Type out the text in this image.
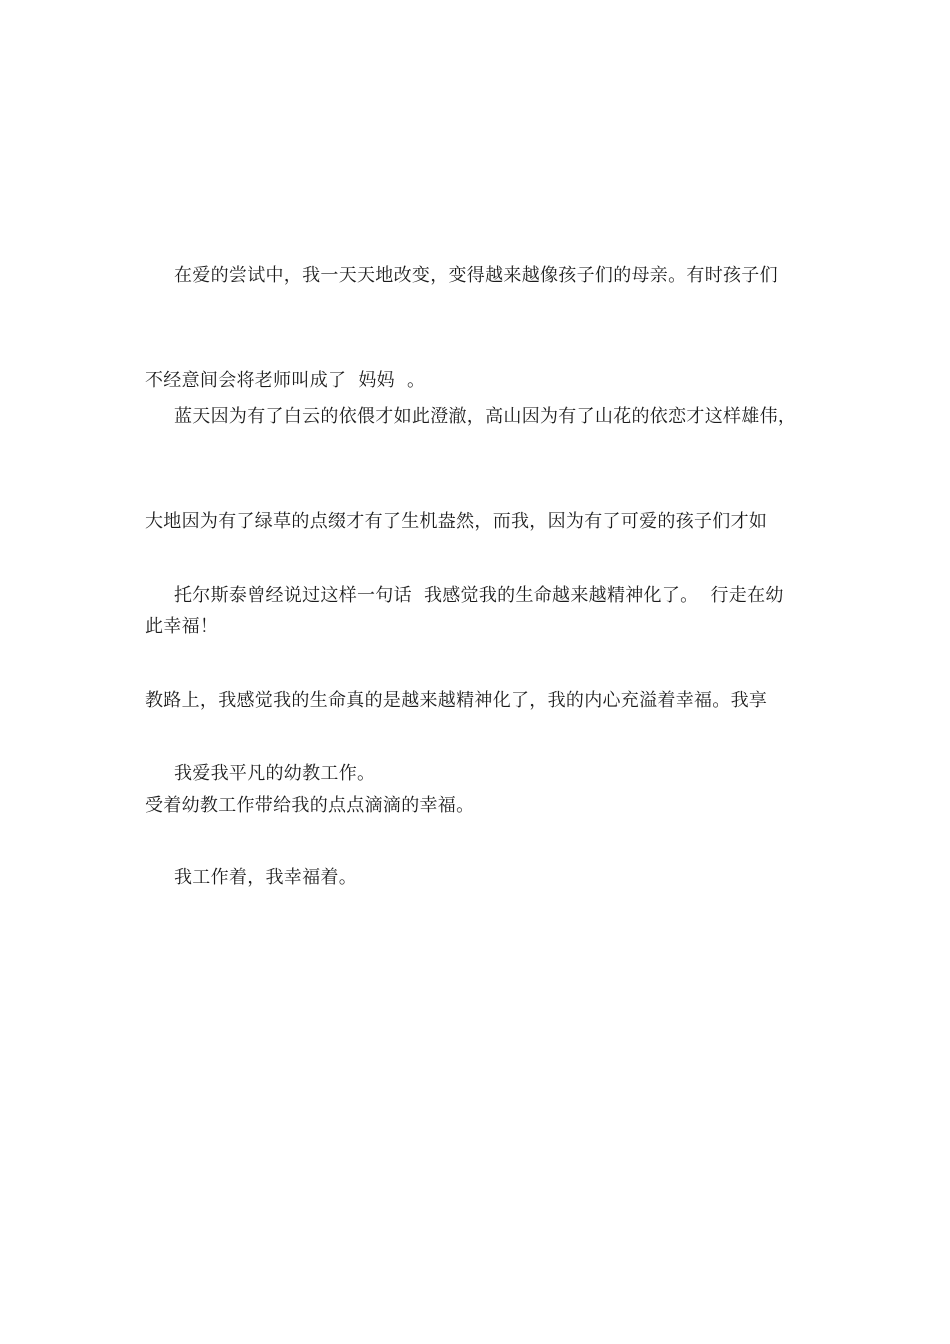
在爱的尝试中，我一天天地改变，变得越来越像孩子们的母亲。有时孩子们

不经意间会将老师叫成了  妈妈  。

蓝天因为有了白云的依偎才如此澄澈，高山因为有了山花的依恋才这样雄伟，

大地因为有了绿草的点缀才有了生机盎然，而我，因为有了可爱的孩子们才如

此幸福！

托尔斯泰曾经说过这样一句话  我感觉我的生命越来越精神化了。  行走在幼

教路上，我感觉我的生命真的是越来越精神化了，我的内心充溢着幸福。我享

受着幼教工作带给我的点点滴滴的幸福。

我爱我平凡的幼教工作。

我工作着，我幸福着。
